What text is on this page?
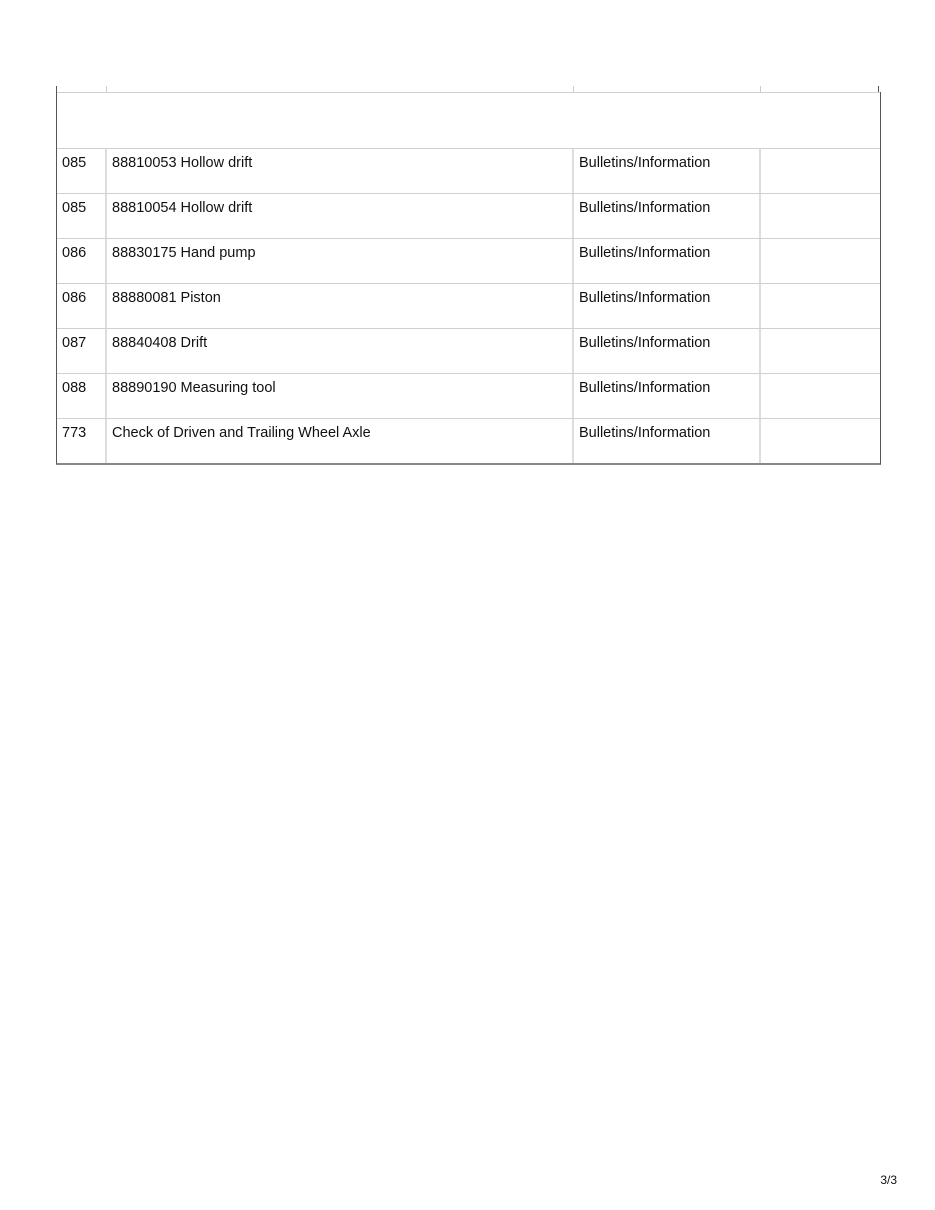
085	88810053 Hollow drift	Bulletins/Information
085	88810054 Hollow drift	Bulletins/Information
086	88830175 Hand pump	Bulletins/Information
086	88880081 Piston	Bulletins/Information
087	88840408 Drift	Bulletins/Information
088	88890190 Measuring tool	Bulletins/Information
773	Check of Driven and Trailing Wheel Axle	Bulletins/Information
3/3
